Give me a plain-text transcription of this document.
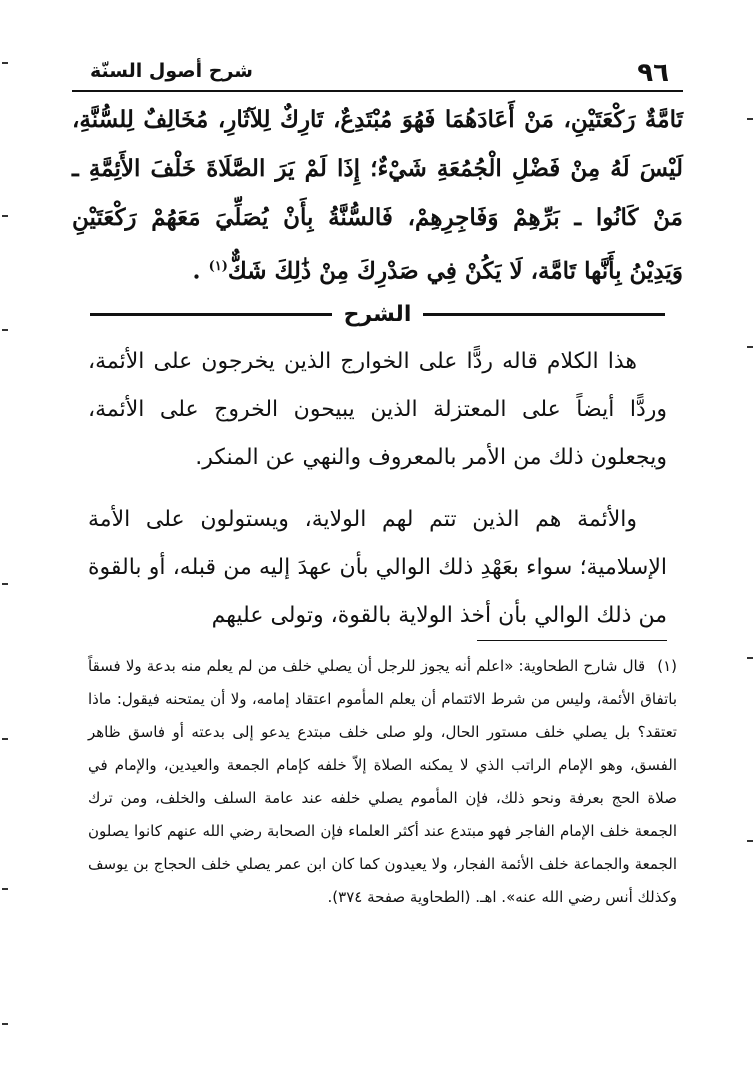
٩٦
شرح أصول السنّة
تَامَّةٌ رَكْعَتَيْنِ، مَنْ أَعَادَهُمَا فَهُوَ مُبْتَدِعٌ، تَارِكٌ لِلآثَارِ، مُخَالِفٌ لِلسُّنَّةِ، لَيْسَ لَهُ مِنْ فَضْلِ الْجُمُعَةِ شَيْءٌ؛ إِذَا لَمْ يَرَ الصَّلَاةَ خَلْفَ الأَئِمَّةِ ـ مَنْ كَانُوا ـ بَرِّهِمْ وَفَاجِرِهِمْ، فَالسُّنَّةُ بِأَنْ يُصَلِّيَ مَعَهُمْ رَكْعَتَيْنِ وَيَدِيْنُ بِأَنَّها تَامَّة، لَا يَكُنْ فِي صَدْرِكَ مِنْ ذَٰلِكَ شَكٌّ$^{(١)}$ .
الشرح

هذا الكلام قاله ردًّا على الخوارج الذين يخرجون على الأئمة، وردًّا أيضاً على المعتزلة الذين يبيحون الخروج على الأئمة، ويجعلون ذلك من الأمر بالمعروف والنهي عن المنكر.

والأئمة هم الذين تتم لهم الولاية، ويستولون على الأمة الإسلامية؛ سواء بعَهْدِ ذلك الوالي بأن عهدَ إليه من قبله، أو بالقوة من ذلك الوالي بأن أخذ الولاية بالقوة، وتولى عليهم

(١)قال شارح الطحاوية: «اعلم أنه يجوز للرجل أن يصلي خلف من لم يعلم منه بدعة ولا فسقاً باتفاق الأئمة، وليس من شرط الائتمام أن يعلم المأموم اعتقاد إمامه، ولا أن يمتحنه فيقول: ماذا تعتقد؟ بل يصلي خلف مستور الحال، ولو صلى خلف مبتدع يدعو إلى بدعته أو فاسق ظاهر الفسق، وهو الإمام الراتب الذي لا يمكنه الصلاة إلاّ خلفه كإمام الجمعة والعيدين، والإمام في صلاة الحج بعرفة ونحو ذلك، فإن المأموم يصلي خلفه عند عامة السلف والخلف، ومن ترك الجمعة خلف الإمام الفاجر فهو مبتدع عند أكثر العلماء فإن الصحابة رضي الله عنهم كانوا يصلون الجمعة والجماعة خلف الأئمة الفجار، ولا يعيدون كما كان ابن عمر يصلي خلف الحجاج بن يوسف وكذلك أنس رضي الله عنه». اهـ. (الطحاوية صفحة ٣٧٤).
